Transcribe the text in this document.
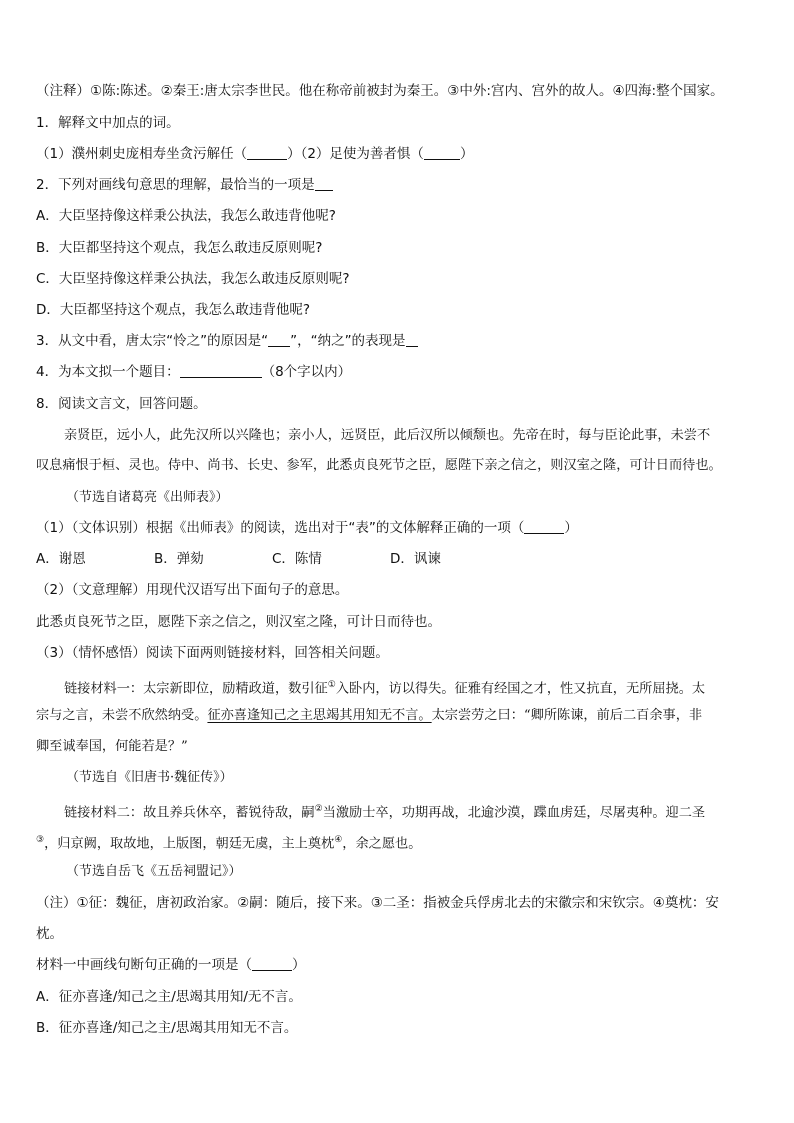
（注释）①陈:陈述。②秦王:唐太宗李世民。他在称帝前被封为秦王。③中外:宫内、宫外的故人。④四海:整个国家。
1．解释文中加点的词。
（1）濮州刺史庞相寿坐贪污解任（	）（2）足使为善者惧（	）
2．下列对画线句意思的理解，最恰当的一项是
A．大臣坚持像这样秉公执法，我怎么敢违背他呢?
B．大臣都坚持这个观点，我怎么敢违反原则呢?
C．大臣坚持像这样秉公执法，我怎么敢违反原则呢?
D．大臣都坚持这个观点，我怎么敢违背他呢?
3．从文中看，唐太宗“怜之”的原因是“ ”，“纳之”的表现是
4．为本文拟一个题目：	（8个字以内）
8．阅读文言文，回答问题。
亲贤臣，远小人，此先汉所以兴隆也；亲小人，远贤臣，此后汉所以倾颓也。先帝在时，每与臣论此事，未尝不
叹息痛恨于桓、灵也。侍中、尚书、长史、参军，此悉贞良死节之臣，愿陛下亲之信之，则汉室之隆，可计日而待也。
（节选自诸葛亮《出师表》）
（1）（文体识别）根据《出师表》的阅读，选出对于“表”的文体解释正确的一项（	）
A．谢恩	B．弹劾	C．陈情	D．讽谏
（2）（文意理解）用现代汉语写出下面句子的意思。
此悉贞良死节之臣，愿陛下亲之信之，则汉室之隆，可计日而待也。
（3）（情怀感悟）阅读下面两则链接材料，回答相关问题。
链接材料一：太宗新即位，励精政道，数引征①入卧内，访以得失。征雅有经国之才，性又抗直，无所屈挠。太
宗与之言，未尝不欣然纳受。征亦喜逢知己之主思竭其用知无不言。太宗尝劳之曰：“卿所陈谏，前后二百余事，非
卿至诚奉国，何能若是？”
（节选自《旧唐书·魏征传》）
链接材料二：故且养兵休卒，蓄锐待敌，嗣②当激励士卒，功期再战，北逾沙漠，蹀血虏廷，尽屠夷种。迎二圣
③，归京阙，取故地，上版图，朝廷无虞，主上奠枕④，余之愿也。
（节选自岳飞《五岳祠盟记》）
（注）①征：魏征，唐初政治家。②嗣：随后，接下来。③二圣：指被金兵俘虏北去的宋徽宗和宋钦宗。④奠枕：安
枕。
材料一中画线句断句正确的一项是（	）
A．征亦喜逢/知己之主/思竭其用知/无不言。
B．征亦喜逢/知己之主/思竭其用知无不言。
